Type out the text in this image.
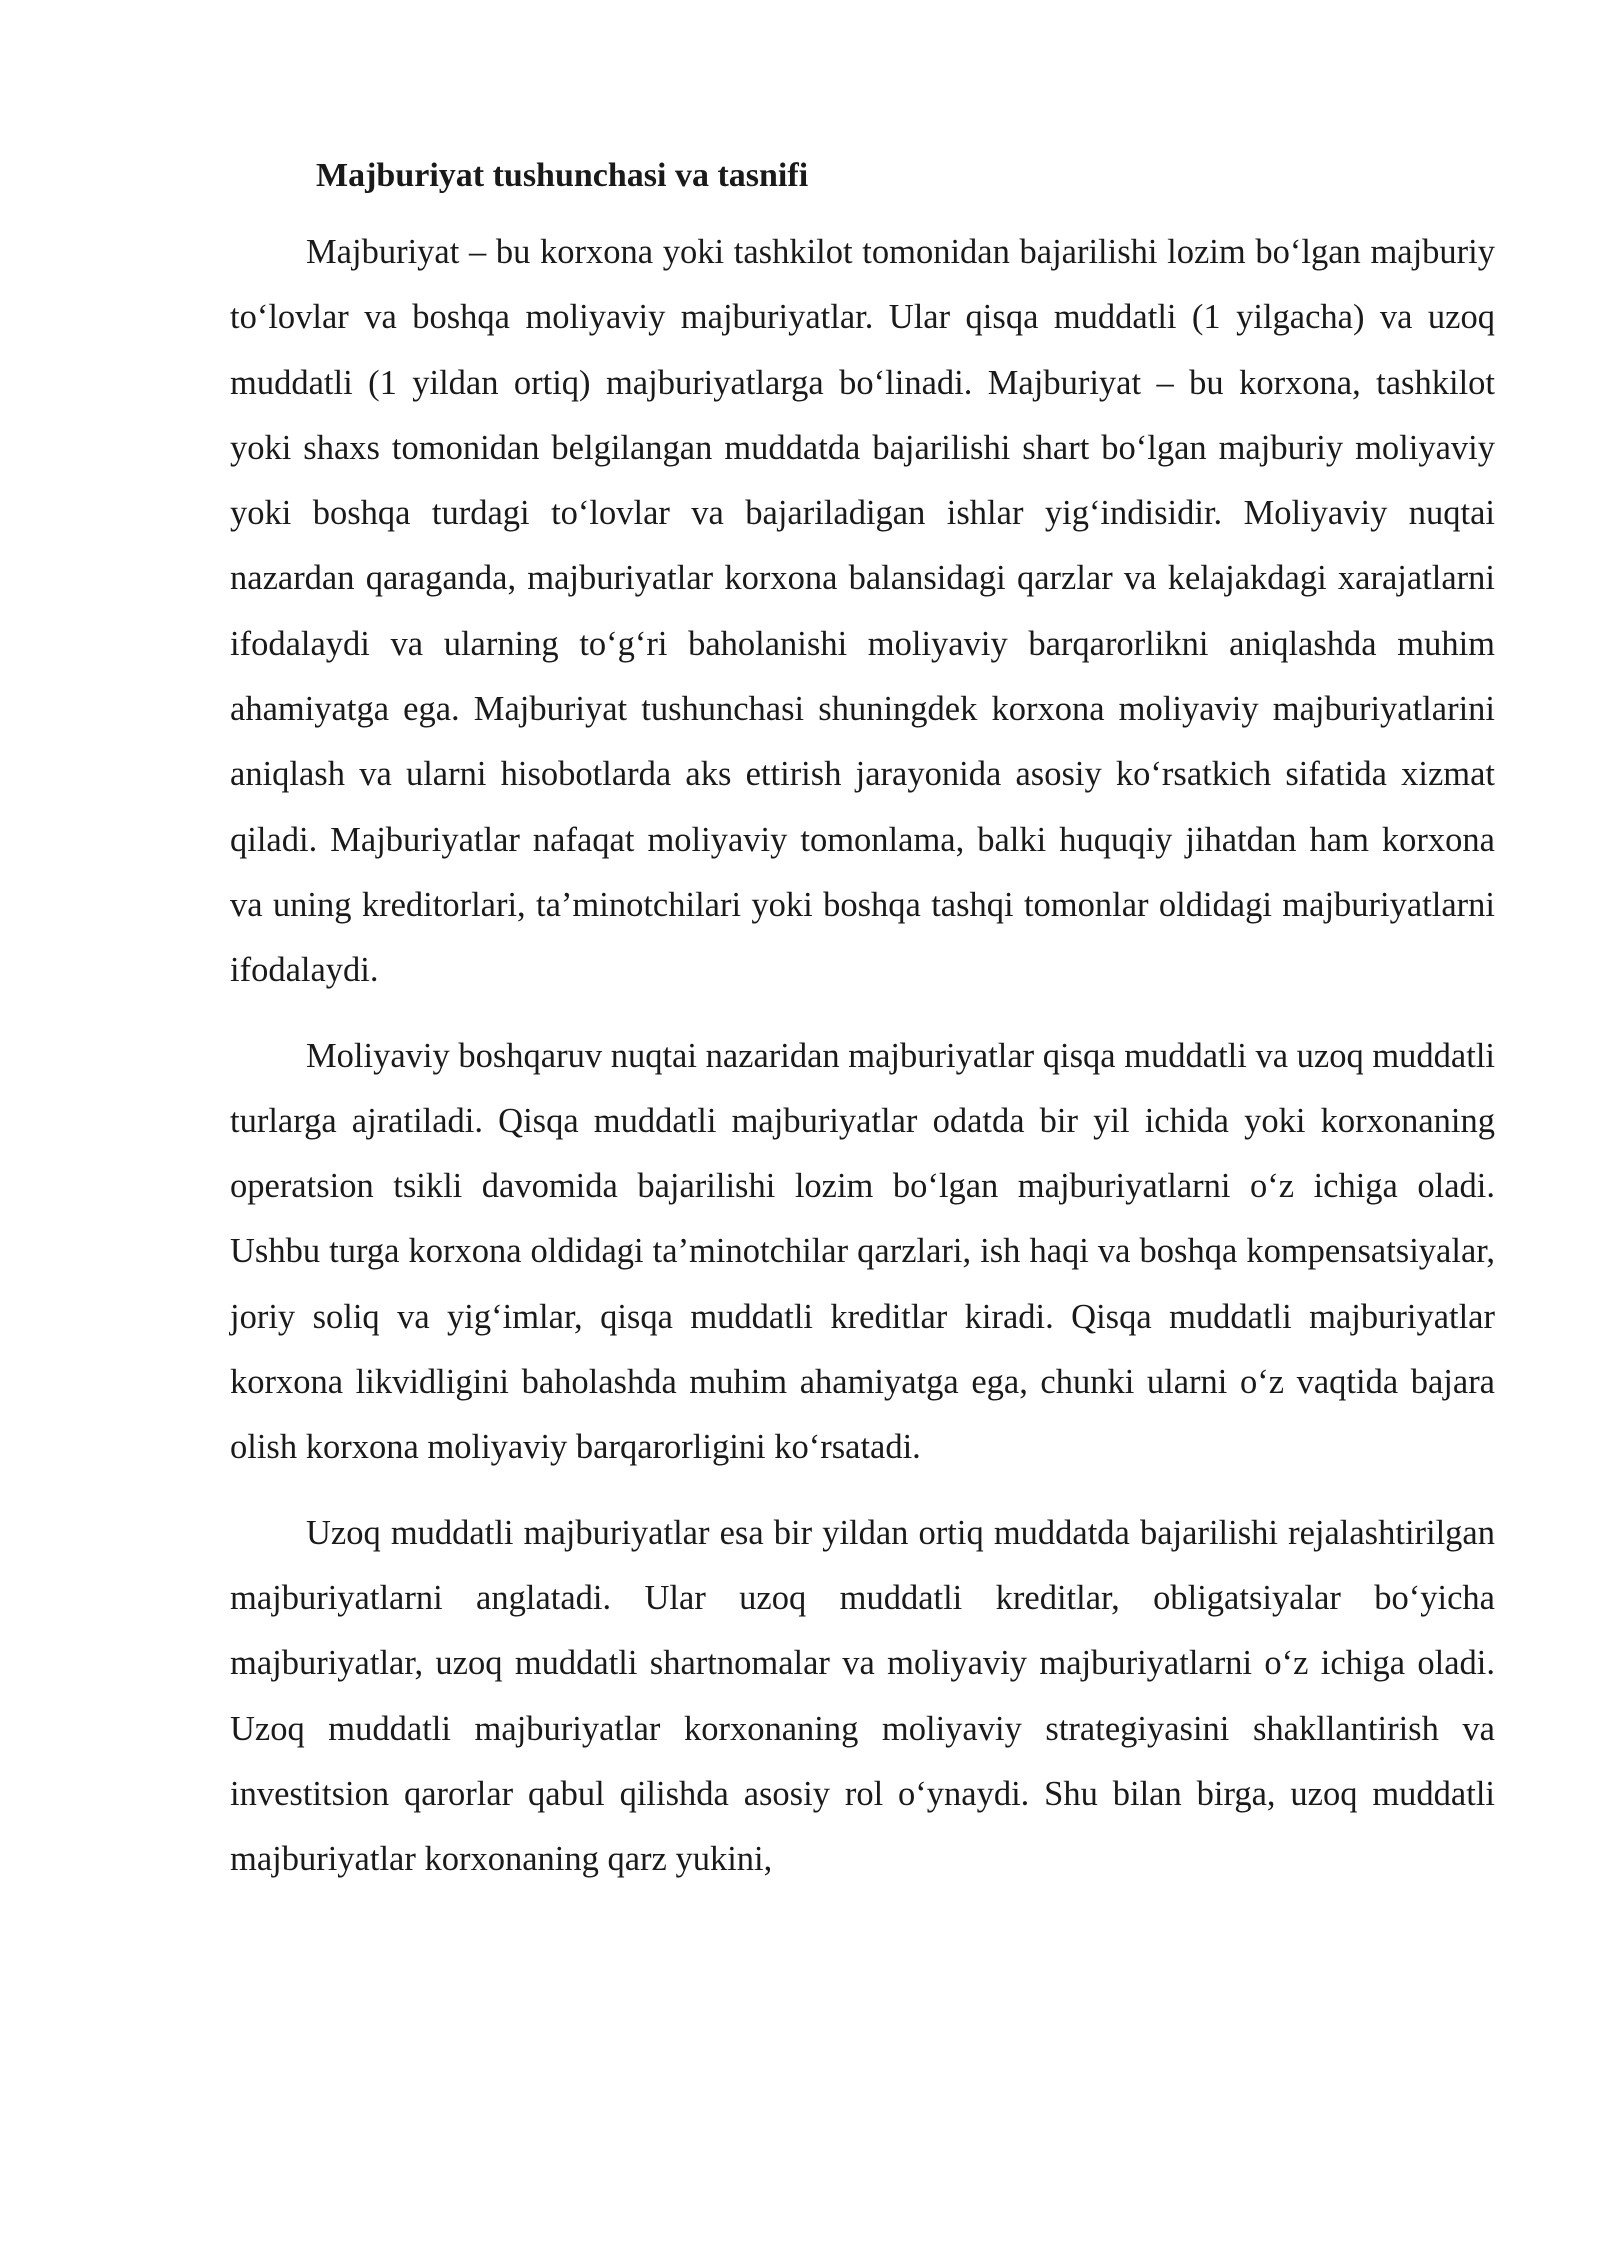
Majburiyat tushunchasi va tasnifi

Majburiyat – bu korxona yoki tashkilot tomonidan bajarilishi lozim bo‘lgan majburiy to‘lovlar va boshqa moliyaviy majburiyatlar. Ular qisqa muddatli (1 yilgacha) va uzoq muddatli (1 yildan ortiq) majburiyatlarga bo‘linadi. Majburiyat – bu korxona, tashkilot yoki shaxs tomonidan belgilangan muddatda bajarilishi shart bo‘lgan majburiy moliyaviy yoki boshqa turdagi to‘lovlar va bajariladigan ishlar yig‘indisidir. Moliyaviy nuqtai nazardan qaraganda, majburiyatlar korxona balansidagi qarzlar va kelajakdagi xarajatlarni ifodalaydi va ularning to‘g‘ri baholanishi moliyaviy barqarorlikni aniqlashda muhim ahamiyatga ega. Majburiyat tushunchasi shuningdek korxona moliyaviy majburiyatlarini aniqlash va ularni hisobotlarda aks ettirish jarayonida asosiy ko‘rsatkich sifatida xizmat qiladi. Majburiyatlar nafaqat moliyaviy tomonlama, balki huquqiy jihatdan ham korxona va uning kreditorlari, ta’minotchilari yoki boshqa tashqi tomonlar oldidagi majburiyatlarni ifodalaydi.

Moliyaviy boshqaruv nuqtai nazaridan majburiyatlar qisqa muddatli va uzoq muddatli turlarga ajratiladi. Qisqa muddatli majburiyatlar odatda bir yil ichida yoki korxonaning operatsion tsikli davomida bajarilishi lozim bo‘lgan majburiyatlarni o‘z ichiga oladi. Ushbu turga korxona oldidagi ta’minotchilar qarzlari, ish haqi va boshqa kompensatsiyalar, joriy soliq va yig‘imlar, qisqa muddatli kreditlar kiradi. Qisqa muddatli majburiyatlar korxona likvidligini baholashda muhim ahamiyatga ega, chunki ularni o‘z vaqtida bajara olish korxona moliyaviy barqarorligini ko‘rsatadi.

Uzoq muddatli majburiyatlar esa bir yildan ortiq muddatda bajarilishi rejalashtirilgan majburiyatlarni anglatadi. Ular uzoq muddatli kreditlar, obligatsiyalar bo‘yicha majburiyatlar, uzoq muddatli shartnomalar va moliyaviy majburiyatlarni o‘z ichiga oladi. Uzoq muddatli majburiyatlar korxonaning moliyaviy strategiyasini shakllantirish va investitsion qarorlar qabul qilishda asosiy rol o‘ynaydi. Shu bilan birga, uzoq muddatli majburiyatlar korxonaning qarz yukini,
